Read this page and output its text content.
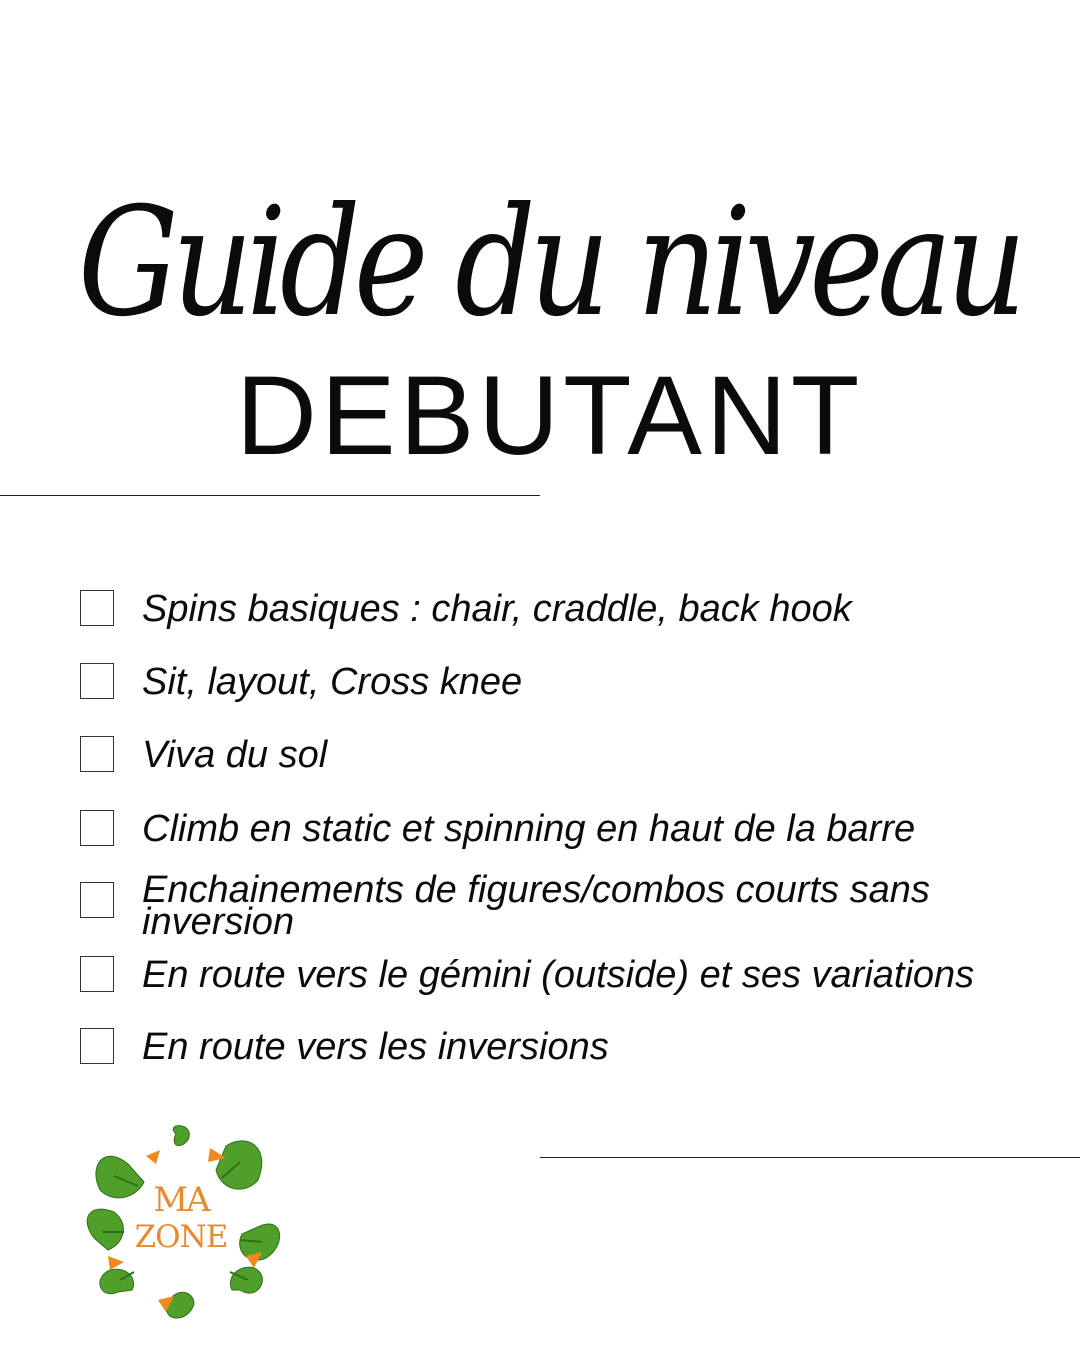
Guide du niveau
DEBUTANT
Spins basiques : chair, craddle, back hook
Sit, layout, Cross knee
Viva du sol
Climb en static et spinning en haut de la barre
Enchainements de figures/combos courts sans inversion
En route vers le gémini (outside) et ses variations
En route vers les inversions
MA
ZONE
